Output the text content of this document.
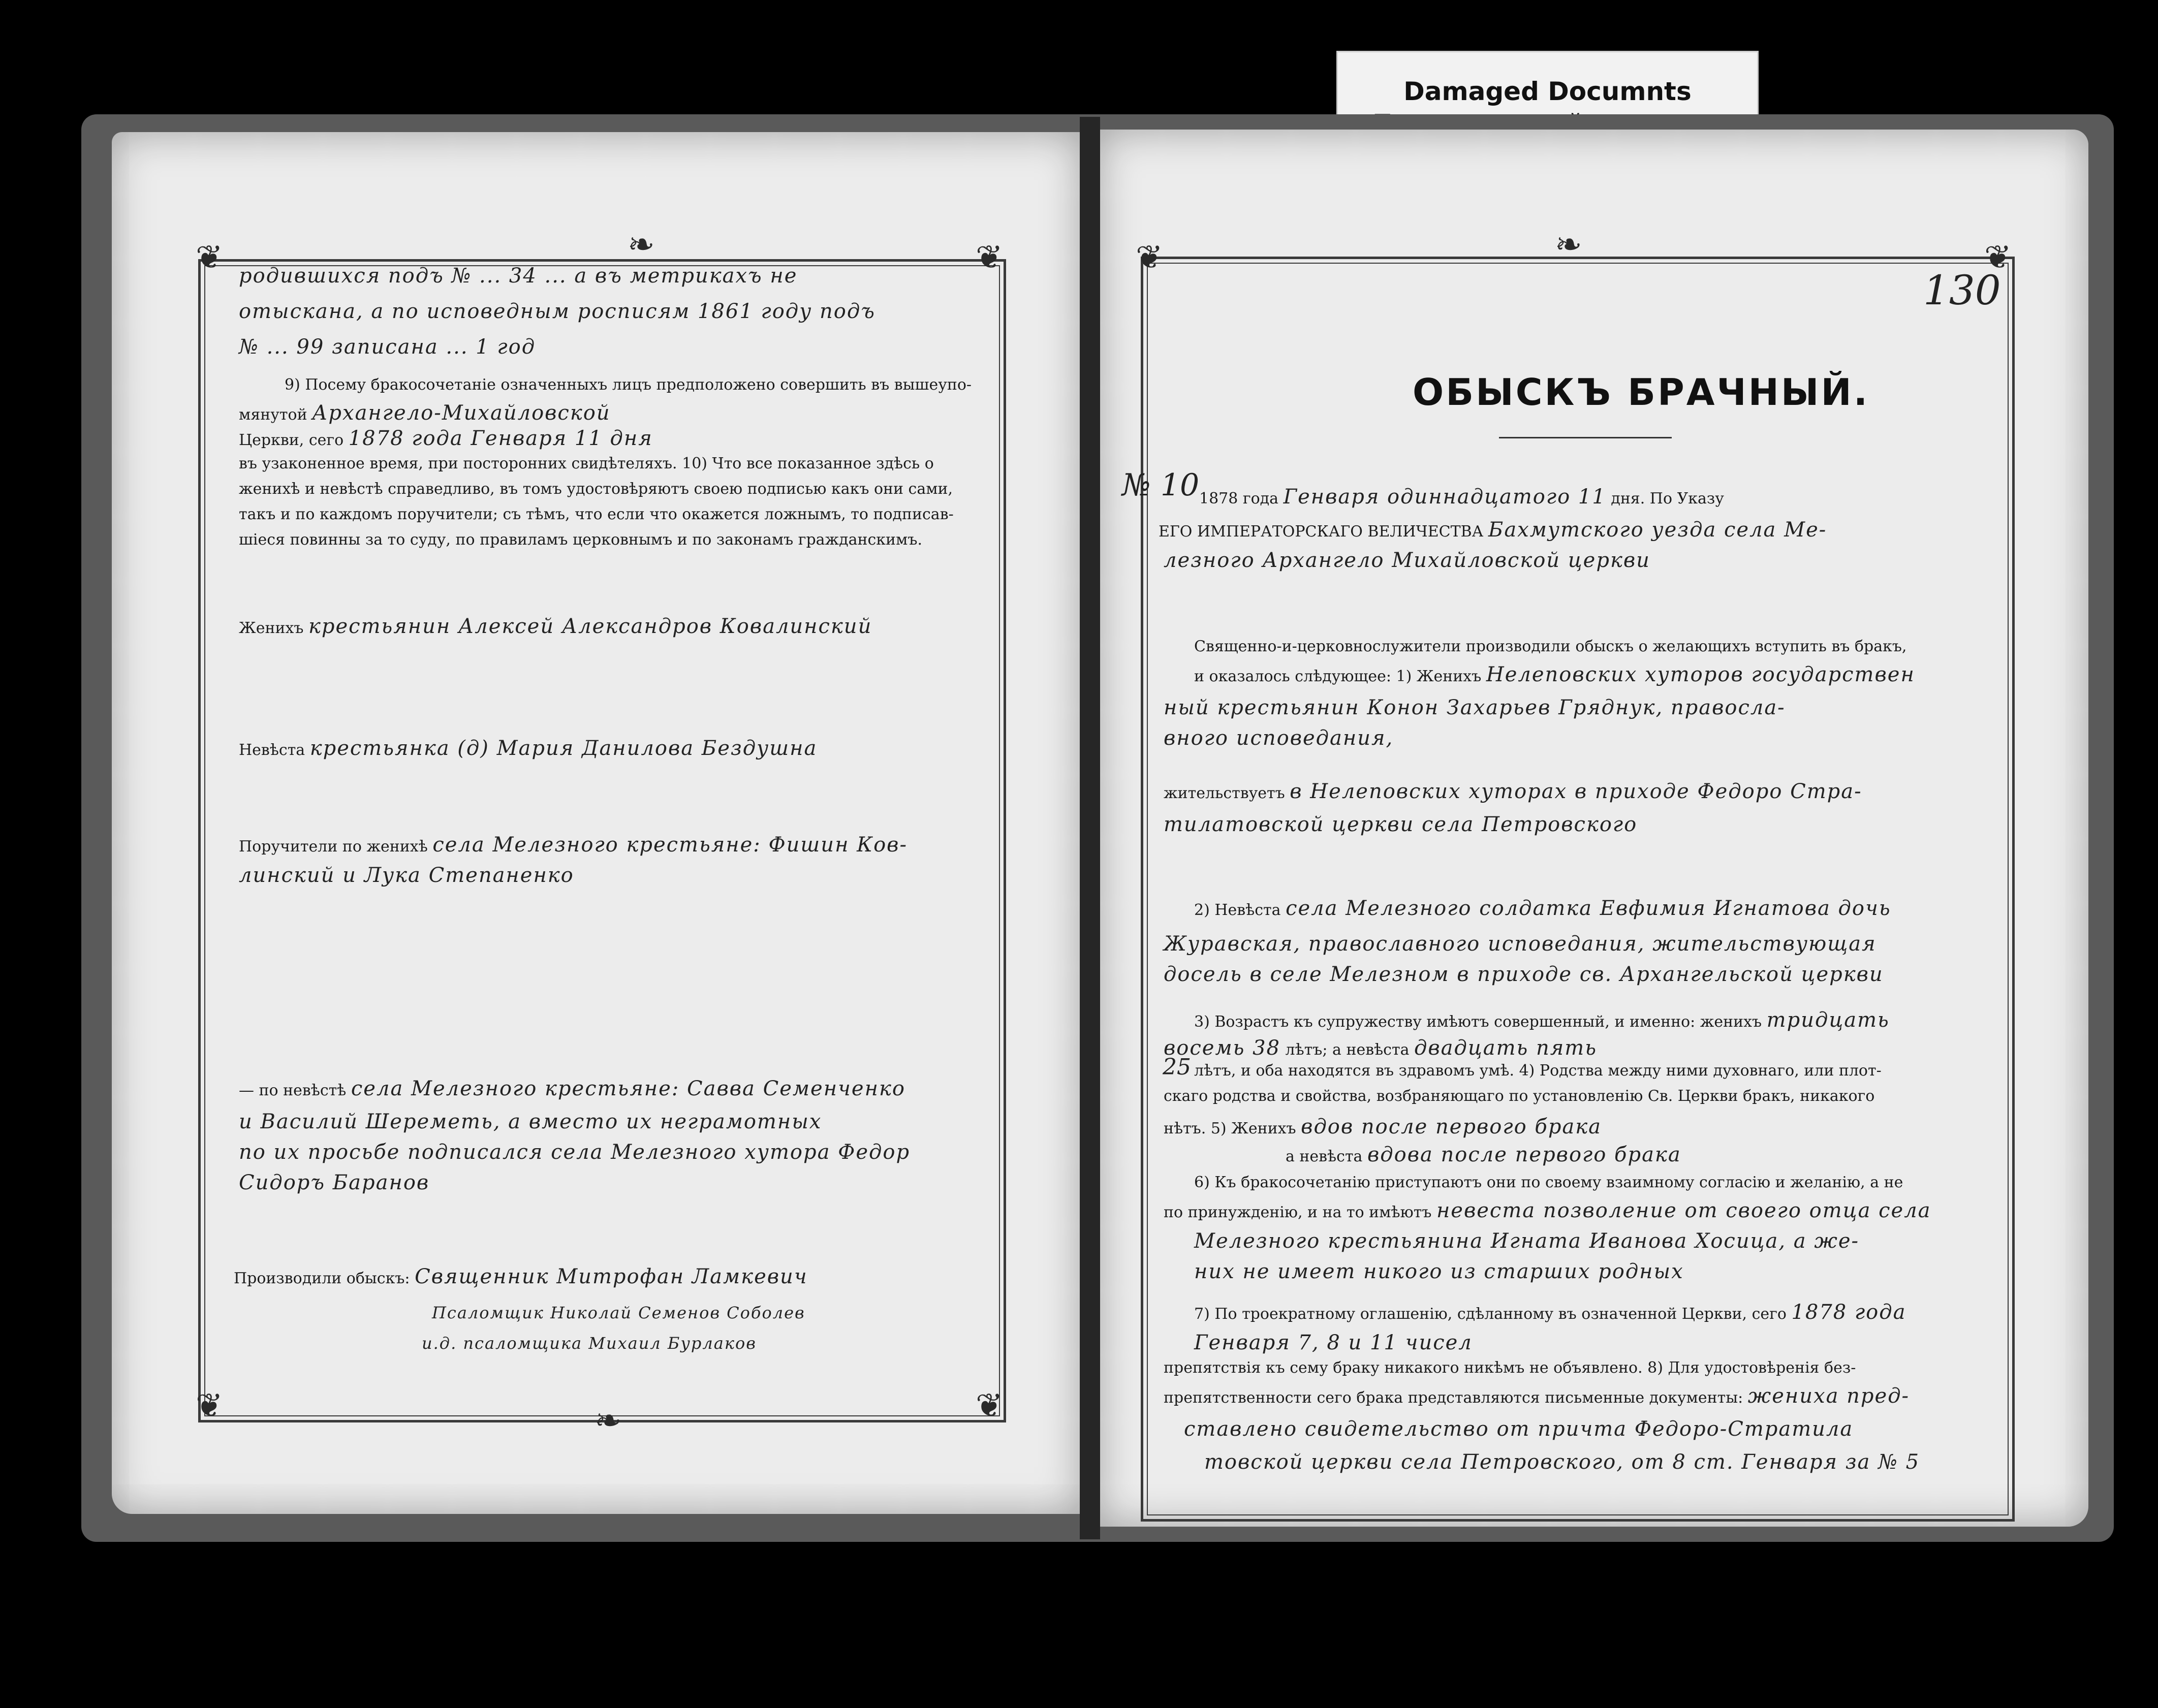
Damaged Documnts
❦	❧	❦
❦	❧	❦
❦	❧	❦
родившихся подъ № ... 34 ... а въ метрикахъ не
отыскана, а по исповедным росписям 1861 году подъ
№ ... 99 записана ... 1 год
9) Посему бракосочетаніе означенныхъ лицъ предположено совершить въ вышеупо-
мянутой Архангело-Михайловской
Церкви, сего 1878 года Генваря 11 дня
въ узаконенное время, при посторонних свидѣтеляхъ. 10) Что все показанное здѣсь о
женихѣ и невѣстѣ справедливо, въ томъ удостовѣряютъ своею подписью какъ они сами,
такъ и по каждомъ поручители; съ тѣмъ, что если что окажется ложнымъ, то подписав-
шіеся повинны за то суду, по правиламъ церковнымъ и по законамъ гражданскимъ.
Женихъ крестьянин Алексей Александров Ковалинский
Невѣста крестьянка (д) Мария Данилова Бездушна
Поручители по женихѣ села Мелезного крестьяне: Фишин Ков-
линский и Лука Степаненко
— по невѣстѣ села Мелезного крестьяне: Савва Семенченко
и Василий Шереметь, а вместо их неграмотных
по их просьбе подписался села Мелезного хутора Федор
Сидоръ Баранов
Производили обыскъ: Священник Митрофан Ламкевич
Псаломщик Николай Семенов Соболев
и.д. псаломщика Михаил Бурлаков
130
№ 10
ОБЫСКЪ БРАЧНЫЙ.
1878 года Генваря одиннадцатого 11 дня. По Указу
ЕГО ИМПЕРАТОРСКАГО ВЕЛИЧЕСТВА Бахмутского уезда села Ме-
лезного Архангело Михайловской церкви
Священно-и-церковнослужители производили обыскъ о желающихъ вступить въ бракъ,
и оказалось слѣдующее: 1) Женихъ Нелеповских хуторов государствен
ный крестьянин Конон Захарьев Гряднук, правосла-
вного исповедания,
жительствуетъ в Нелеповских хуторах в приходе Федоро Стра-
тилатовской церкви села Петровского
2) Невѣста села Мелезного солдатка Евфимия Игнатова дочь
Журавская, православного исповедания, жительствующая
досель в селе Мелезном в приходе св. Архангельской церкви
3) Возрастъ къ супружеству имѣютъ совершенный, и именно: женихъ тридцать
восемь 38 лѣтъ; а невѣста двадцать пять
25 лѣтъ, и оба находятся въ здравомъ умѣ. 4) Родства между ними духовнаго, или плот-
скаго родства и свойства, возбраняющаго по установленію Св. Церкви бракъ, никакого
нѣтъ. 5) Женихъ вдов после первого брака
а невѣста вдова после первого брака
6) Къ бракосочетанію приступаютъ они по своему взаимному согласію и желанію, а не
по принужденію, и на то имѣютъ невеста позволение от своего отца села
Мелезного крестьянина Игната Иванова Хосица, а же-
них не имеет никого из старших родных
7) По троекратному оглашенію, сдѣланному въ означенной Церкви, сего 1878 года
Генваря 7, 8 и 11 чисел
препятствія къ сему браку никакого никѣмъ не объявлено. 8) Для удостовѣренія без-
препятственности сего брака представляются письменные документы: жениха пред-
ставлено свидетельство от причта Федоро-Стратила
товской церкви села Петровского, от 8 ст. Генваря за № 5
